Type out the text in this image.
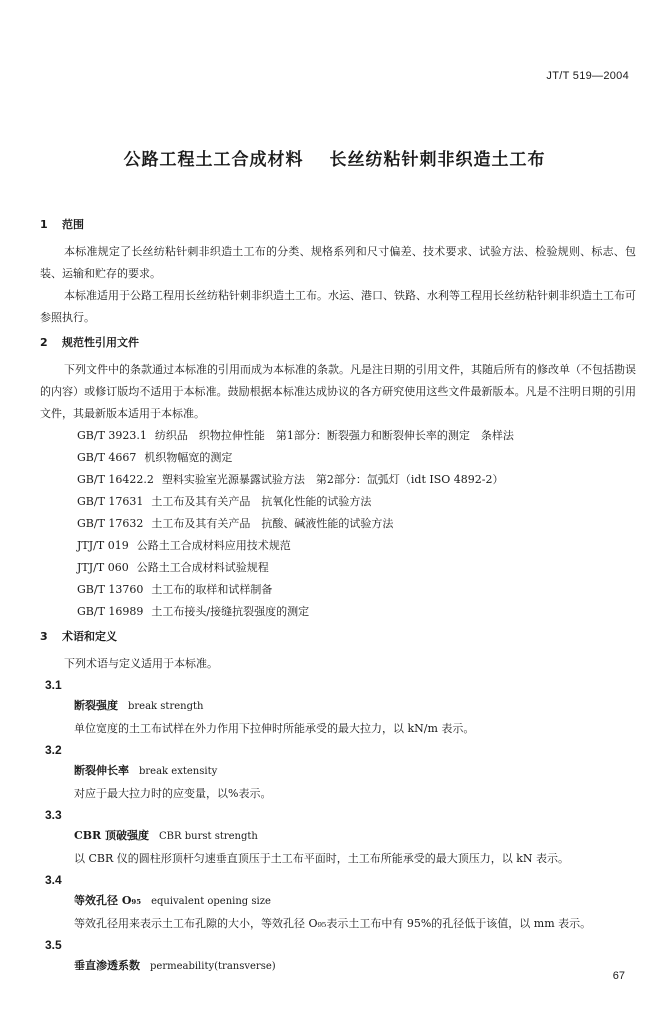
JT/T 519—2004
公路工程土工合成材料 长丝纺粘针刺非织造土工布
1 范围

本标准规定了长丝纺粘针刺非织造土工布的分类、规格系列和尺寸偏差、技术要求、试验方法、检验规则、标志、包装、运输和贮存的要求。

本标准适用于公路工程用长丝纺粘针刺非织造土工布。水运、港口、铁路、水利等工程用长丝纺粘针刺非织造土工布可参照执行。

2 规范性引用文件

下列文件中的条款通过本标准的引用而成为本标准的条款。凡是注日期的引用文件，其随后所有的修改单（不包括勘误的内容）或修订版均不适用于本标准。鼓励根据本标准达成协议的各方研究使用这些文件最新版本。凡是不注明日期的引用文件，其最新版本适用于本标准。

GB/T 3923.1 纺织品　织物拉伸性能　第1部分：断裂强力和断裂伸长率的测定　条样法

GB/T 4667 机织物幅宽的测定

GB/T 16422.2 塑料实验室光源暴露试验方法　第2部分：氙弧灯（idt ISO 4892-2）

GB/T 17631 土工布及其有关产品　抗氧化性能的试验方法

GB/T 17632 土工布及其有关产品　抗酸、碱液性能的试验方法

JTJ/T 019 公路土工合成材料应用技术规范

JTJ/T 060 公路土工合成材料试验规程

GB/T 13760 土工布的取样和试样制备

GB/T 16989 土工布接头/接缝抗裂强度的测定

3 术语和定义

下列术语与定义适用于本标准。

3.1
断裂强度 break strength

单位宽度的土工布试样在外力作用下拉伸时所能承受的最大拉力，以 kN/m 表示。

3.2
断裂伸长率 break extensity

对应于最大拉力时的应变量，以%表示。

3.3
CBR 顶破强度 CBR burst strength

以 CBR 仪的圆柱形顶杆匀速垂直顶压于土工布平面时，土工布所能承受的最大顶压力，以 kN 表示。

3.4
等效孔径 O₉₅ equivalent opening size

等效孔径用来表示土工布孔隙的大小，等效孔径 O₉₅表示土工布中有 95%的孔径低于该值，以 mm 表示。

3.5
垂直渗透系数 permeability(transverse)
67
